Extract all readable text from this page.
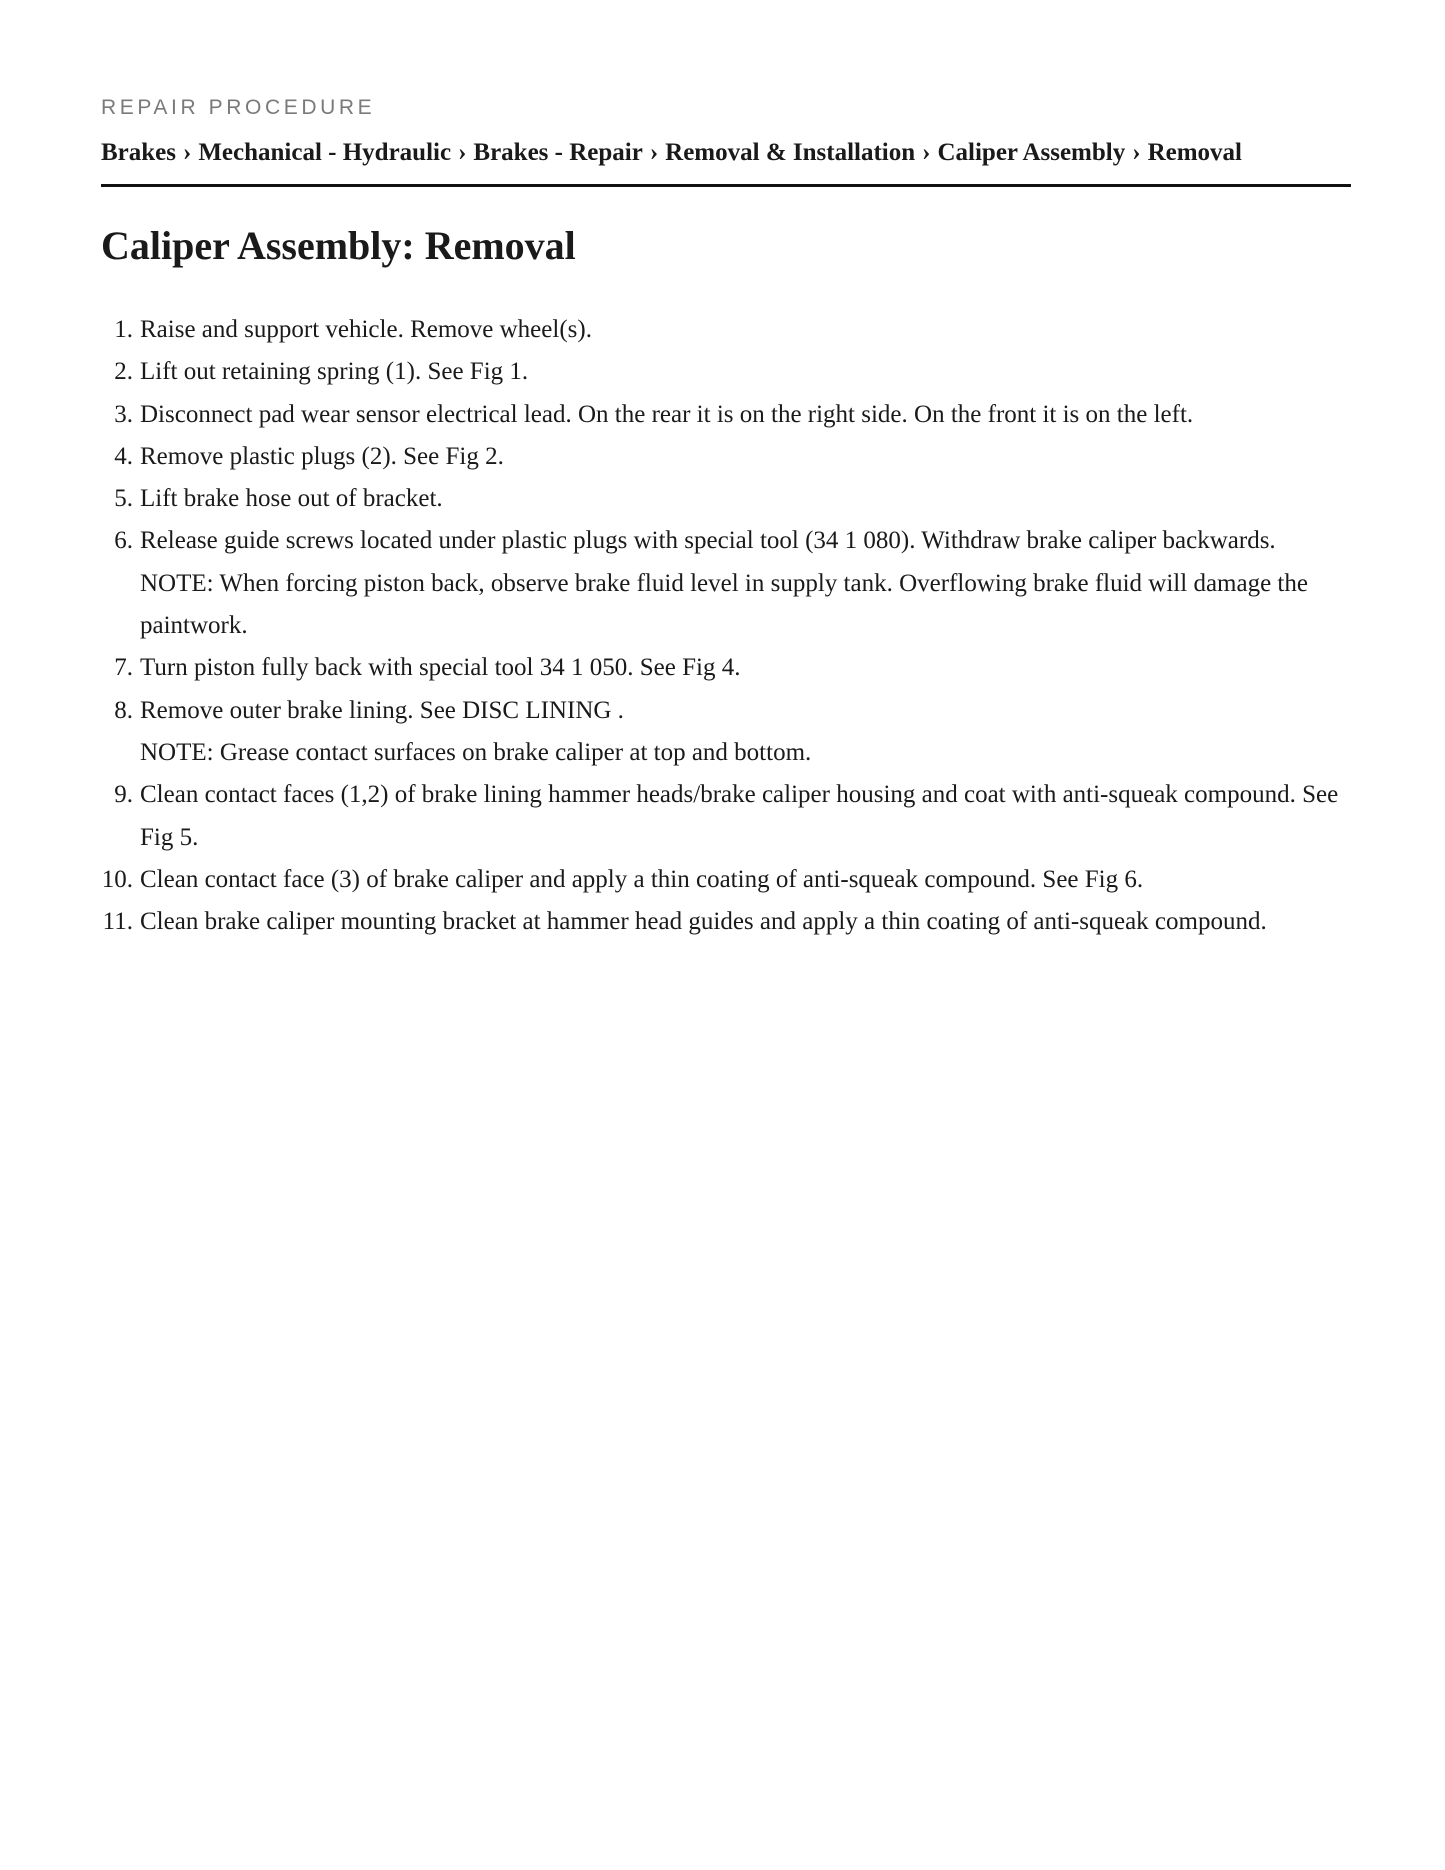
REPAIR PROCEDURE
Brakes › Mechanical - Hydraulic › Brakes - Repair › Removal & Installation › Caliper Assembly › Removal
Caliper Assembly: Removal
1. Raise and support vehicle. Remove wheel(s).
2. Lift out retaining spring (1). See Fig 1.
3. Disconnect pad wear sensor electrical lead. On the rear it is on the right side. On the front it is on the left.
4. Remove plastic plugs (2). See Fig 2.
5. Lift brake hose out of bracket.
6. Release guide screws located under plastic plugs with special tool (34 1 080). Withdraw brake caliper backwards.
NOTE: When forcing piston back, observe brake fluid level in supply tank. Overflowing brake fluid will damage the paintwork.
7. Turn piston fully back with special tool 34 1 050. See Fig 4.
8. Remove outer brake lining. See DISC LINING .
NOTE: Grease contact surfaces on brake caliper at top and bottom.
9. Clean contact faces (1,2) of brake lining hammer heads/brake caliper housing and coat with anti-squeak compound. See Fig 5.
10. Clean contact face (3) of brake caliper and apply a thin coating of anti-squeak compound. See Fig 6.
11. Clean brake caliper mounting bracket at hammer head guides and apply a thin coating of anti-squeak compound.
